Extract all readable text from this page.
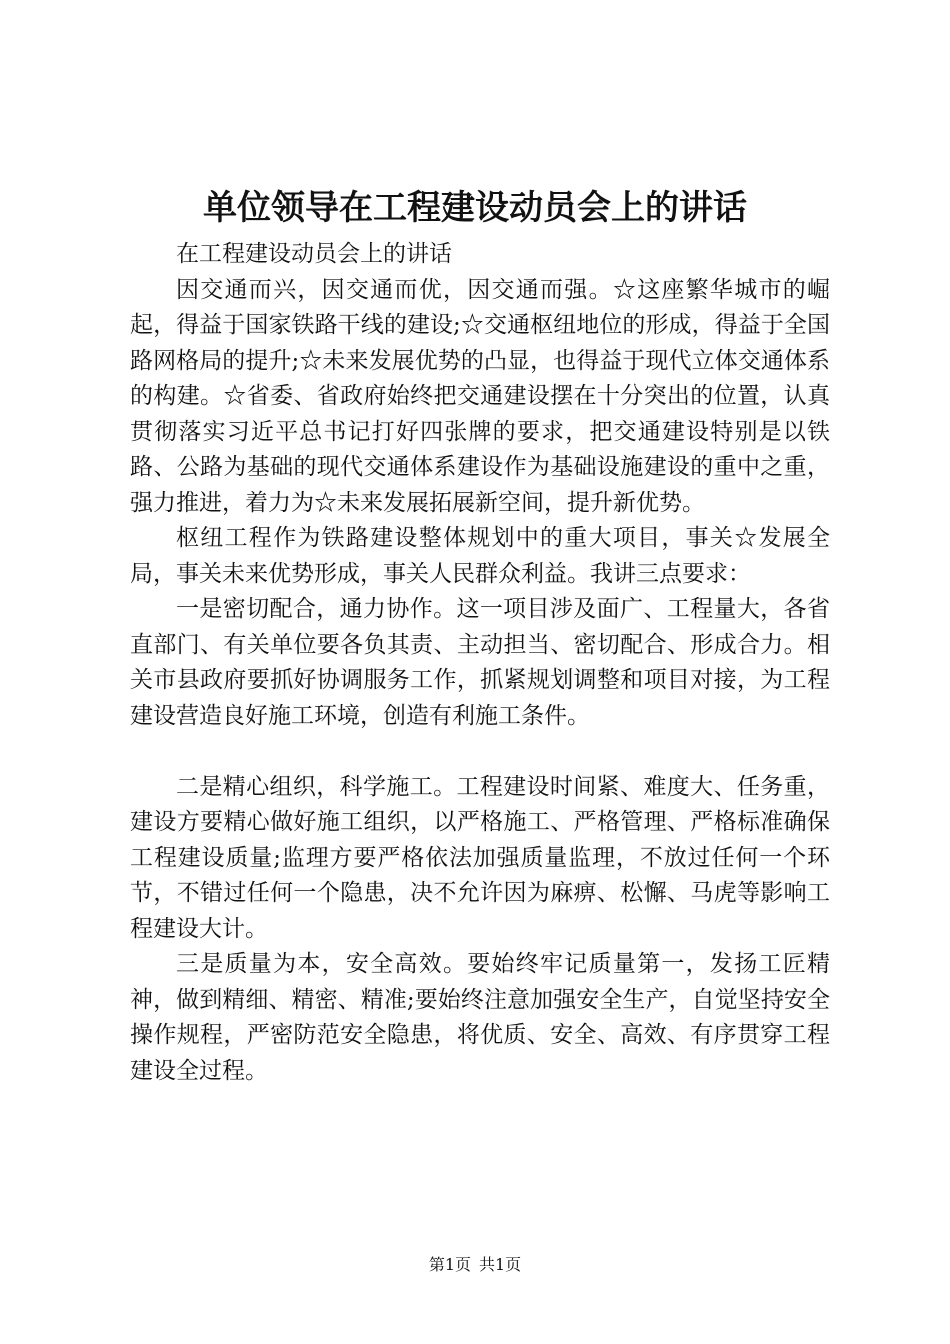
单位领导在工程建设动员会上的讲话

在工程建设动员会上的讲话

因交通而兴，因交通而优，因交通而强。☆这座繁华城市的崛起，得益于国家铁路干线的建设;☆交通枢纽地位的形成，得益于全国路网格局的提升;☆未来发展优势的凸显，也得益于现代立体交通体系的构建。☆省委、省政府始终把交通建设摆在十分突出的位置，认真贯彻落实习近平总书记打好四张牌的要求，把交通建设特别是以铁路、公路为基础的现代交通体系建设作为基础设施建设的重中之重，强力推进，着力为☆未来发展拓展新空间，提升新优势。

枢纽工程作为铁路建设整体规划中的重大项目，事关☆发展全局，事关未来优势形成，事关人民群众利益。我讲三点要求：

一是密切配合，通力协作。这一项目涉及面广、工程量大，各省直部门、有关单位要各负其责、主动担当、密切配合、形成合力。相关市县政府要抓好协调服务工作，抓紧规划调整和项目对接，为工程建设营造良好施工环境，创造有利施工条件。

二是精心组织，科学施工。工程建设时间紧、难度大、任务重，建设方要精心做好施工组织，以严格施工、严格管理、严格标准确保工程建设质量;监理方要严格依法加强质量监理，不放过任何一个环节，不错过任何一个隐患，决不允许因为麻痹、松懈、马虎等影响工程建设大计。

三是质量为本，安全高效。要始终牢记质量第一，发扬工匠精神，做到精细、精密、精准;要始终注意加强安全生产，自觉坚持安全操作规程，严密防范安全隐患，将优质、安全、高效、有序贯穿工程建设全过程。

第1页 共1页
